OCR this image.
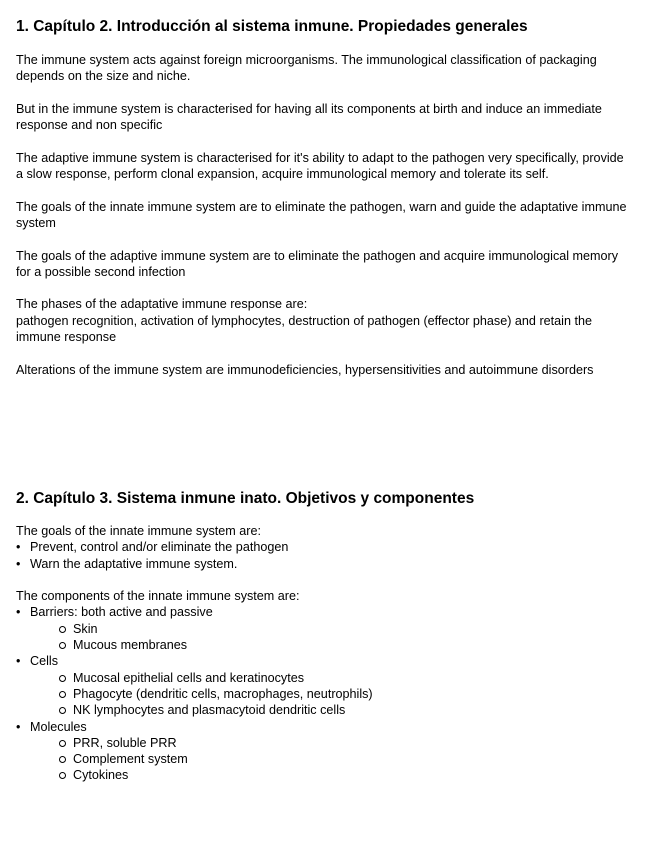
1. Capítulo 2. Introducción al sistema inmune. Propiedades generales

The immune system acts against foreign microorganisms. The immunological classification of packaging depends on the size and niche.

But in the immune system is characterised for having all its components at birth and induce an immediate response and non specific

The adaptive immune system is characterised for it's ability to adapt to the pathogen very specifically, provide a slow response, perform clonal expansion, acquire immunological memory and tolerate its self.

The goals of the innate immune system are to eliminate the pathogen, warn and guide the adaptative immune system

The goals of the adaptive immune system are to eliminate the pathogen and acquire immunological memory for a possible second infection

The phases of the adaptative immune response are:
pathogen recognition, activation of lymphocytes, destruction of pathogen (effector phase) and retain the immune response

Alterations of the immune system are immunodeficiencies, hypersensitivities and autoimmune disorders

2. Capítulo 3. Sistema inmune inato. Objetivos y componentes

The goals of the innate immune system are:

• Prevent, control and/or eliminate the pathogen
• Warn the adaptative immune system.

The components of the innate immune system are:

• Barriers: both active and passive
Skin
Mucous membranes
• Cells
Mucosal epithelial cells and keratinocytes
Phagocyte (dendritic cells, macrophages, neutrophils)
NK lymphocytes and plasmacytoid dendritic cells
• Molecules
PRR, soluble PRR
Complement system
Cytokines
